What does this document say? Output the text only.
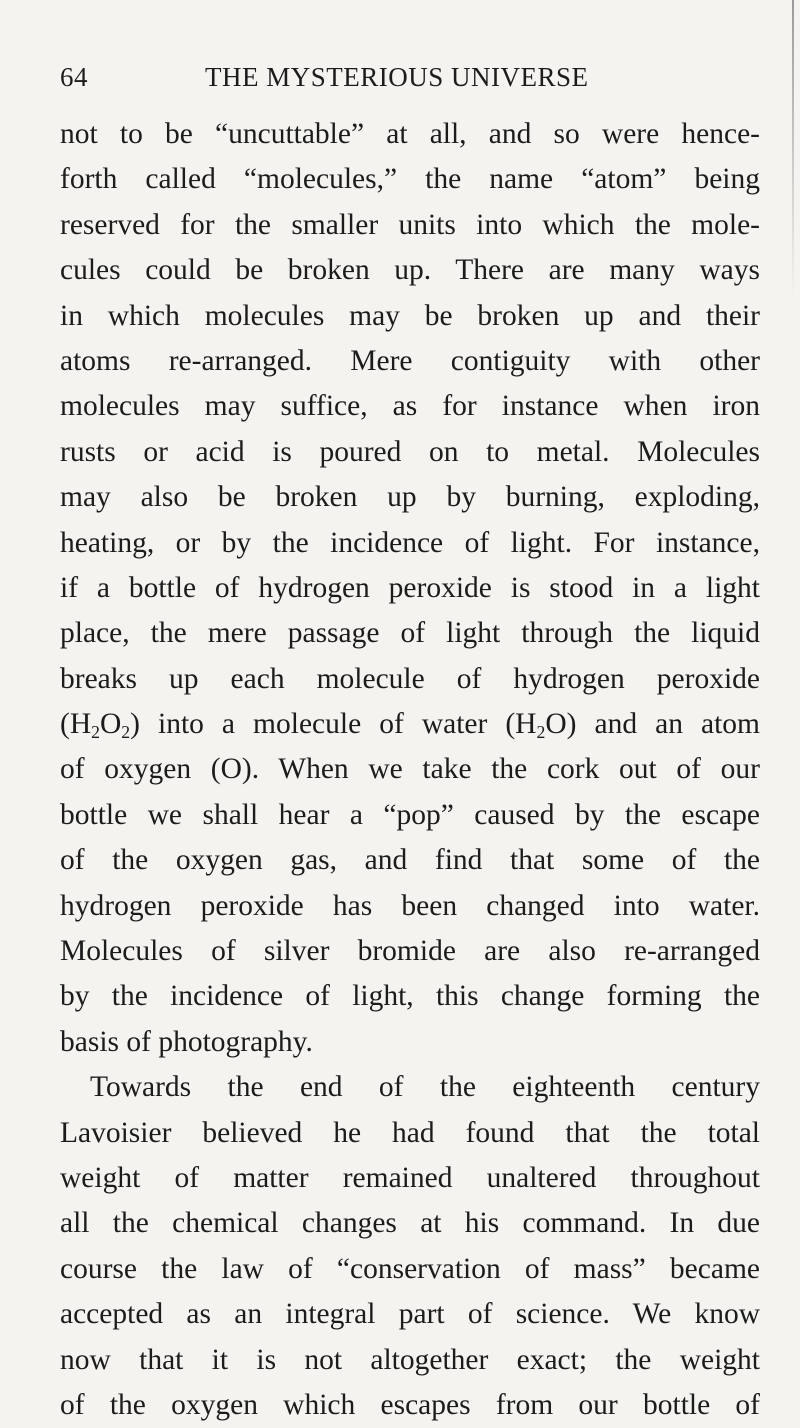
64	THE MYSTERIOUS UNIVERSE
not to be “uncuttable” at all, and so were hence-
forth called “molecules,” the name “atom” being
reserved for the smaller units into which the mole-
cules could be broken up. There are many ways
in which molecules may be broken up and their
atoms re-arranged. Mere contiguity with other
molecules may suffice, as for instance when iron
rusts or acid is poured on to metal. Molecules
may also be broken up by burning, exploding,
heating, or by the incidence of light. For instance,
if a bottle of hydrogen peroxide is stood in a light
place, the mere passage of light through the liquid
breaks up each molecule of hydrogen peroxide
$(H_2O_2)$ into a molecule of water $(H_2O)$ and an atom
of oxygen (O). When we take the cork out of our
bottle we shall hear a “pop” caused by the escape
of the oxygen gas, and find that some of the
hydrogen peroxide has been changed into water.
Molecules of silver bromide are also re-arranged
by the incidence of light, this change forming the
basis of photography.
Towards the end of the eighteenth century
Lavoisier believed he had found that the total
weight of matter remained unaltered throughout
all the chemical changes at his command. In due
course the law of “conservation of mass” became
accepted as an integral part of science. We know
now that it is not altogether exact; the weight
of the oxygen which escapes from our bottle of
